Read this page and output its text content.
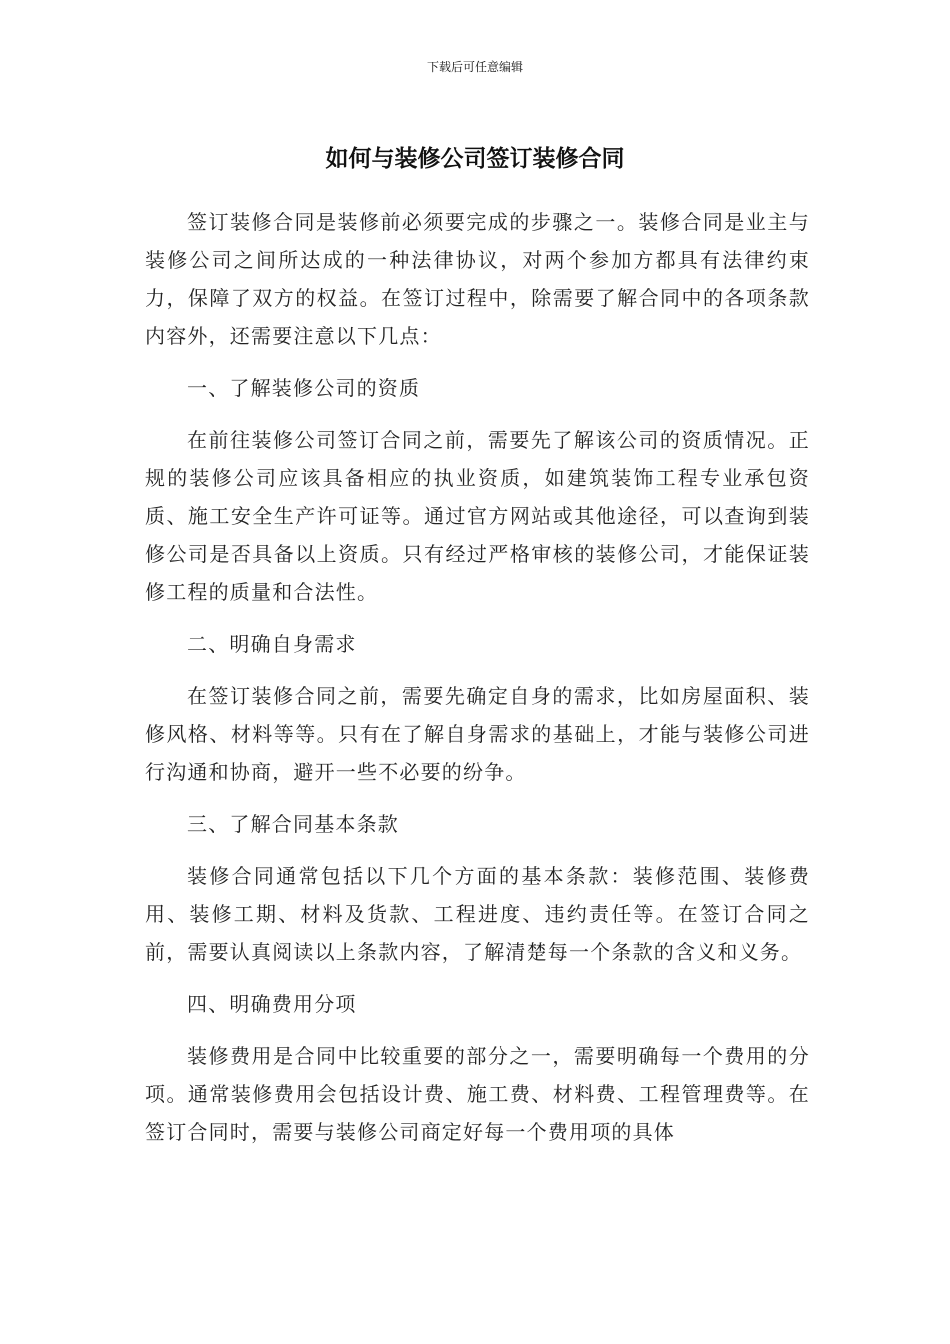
下载后可任意编辑
如何与装修公司签订装修合同

签订装修合同是装修前必须要完成的步骤之一。装修合同是业主与装修公司之间所达成的一种法律协议，对两个参加方都具有法律约束力，保障了双方的权益。在签订过程中，除需要了解合同中的各项条款内容外，还需要注意以下几点：

一、了解装修公司的资质

在前往装修公司签订合同之前，需要先了解该公司的资质情况。正规的装修公司应该具备相应的执业资质，如建筑装饰工程专业承包资质、施工安全生产许可证等。通过官方网站或其他途径，可以查询到装修公司是否具备以上资质。只有经过严格审核的装修公司，才能保证装修工程的质量和合法性。

二、明确自身需求

在签订装修合同之前，需要先确定自身的需求，比如房屋面积、装修风格、材料等等。只有在了解自身需求的基础上，才能与装修公司进行沟通和协商，避开一些不必要的纷争。

三、了解合同基本条款

装修合同通常包括以下几个方面的基本条款：装修范围、装修费用、装修工期、材料及货款、工程进度、违约责任等。在签订合同之前，需要认真阅读以上条款内容，了解清楚每一个条款的含义和义务。

四、明确费用分项

装修费用是合同中比较重要的部分之一，需要明确每一个费用的分项。通常装修费用会包括设计费、施工费、材料费、工程管理费等。在签订合同时，需要与装修公司商定好每一个费用项的具体
